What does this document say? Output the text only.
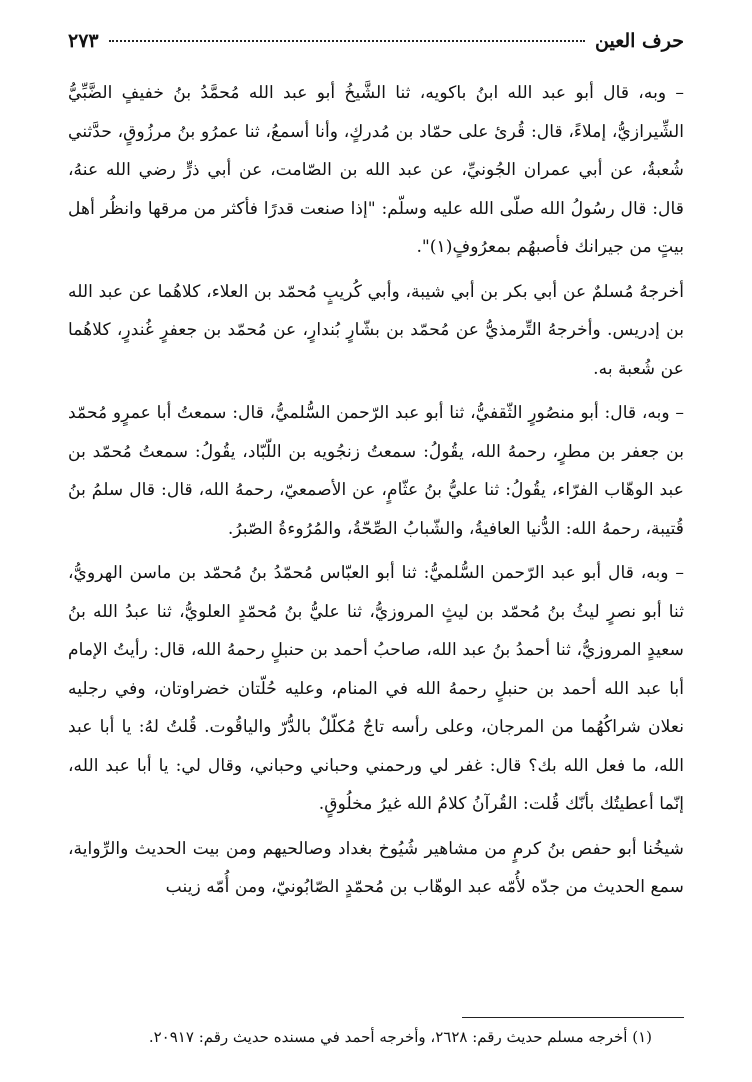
حرف العين
٢٧٣

– وبه، قال أبو عبد الله ابنُ باكويه، ثنا الشَّيخُ أبو عبد الله مُحمَّدُ بنُ خفيفٍ الضَّبِّيُّ الشِّيرازيُّ، إملاءً، قال: قُرئ على حمّاد بن مُدركٍ، وأنا أسمعُ، ثنا عمرُو بنُ مرزُوقٍ، حدَّثني شُعبةُ، عن أبي عمران الجُونيِّ، عن عبد الله بن الصّامت، عن أبي ذرٍّ رضي الله عنهُ، قال: قال رسُولُ الله صلّى الله عليه وسلّم: "إذا صنعت قدرًا فأكثر من مرقها وانظُر أهل بيتٍ من جيرانك فأصبهُم بمعرُوفٍ(١)".

أخرجهُ مُسلمٌ عن أبي بكر بن أبي شيبة، وأبي كُريبٍ مُحمّد بن العلاء، كلاهُما عن عبد الله بن إدريس. وأخرجهُ التِّرمذيُّ عن مُحمّد بن بشّارٍ بُندارٍ، عن مُحمّد بن جعفرٍ غُندرٍ، كلاهُما عن شُعبة به.

– وبه، قال: أبو منصُورٍ الثّقفيُّ، ثنا أبو عبد الرّحمن السُّلميُّ، قال: سمعتُ أبا عمرٍو مُحمّد بن جعفر بن مطرٍ، رحمهُ الله، يقُولُ: سمعتُ زنجُويه بن اللّبّاد، يقُولُ: سمعتُ مُحمّد بن عبد الوهّاب الفرّاء، يقُولُ: ثنا عليُّ بنُ عثّامٍ، عن الأصمعيّ، رحمهُ الله، قال: قال سلمُ بنُ قُتيبة، رحمهُ الله: الدُّنيا العافيةُ، والشّبابُ الصِّحّةُ، والمُرُوءةُ الصّبرُ.

– وبه، قال أبو عبد الرّحمن السُّلميُّ: ثنا أبو العبّاس مُحمّدُ بنُ مُحمّد بن ماسن الهرويُّ، ثنا أبو نصرٍ ليثُ بنُ مُحمّد بن ليثٍ المروزيُّ، ثنا عليُّ بنُ مُحمّدٍ العلويُّ، ثنا عبدُ الله بنُ سعيدٍ المروزيُّ، ثنا أحمدُ بنُ عبد الله، صاحبُ أحمد بن حنبلٍ رحمهُ الله، قال: رأيتُ الإمام أبا عبد الله أحمد بن حنبلٍ رحمهُ الله في المنام، وعليه حُلّتان خضراوتان، وفي رجليه نعلان شراكُهُما من المرجان، وعلى رأسه تاجٌ مُكلّلٌ بالدُّرّ والياقُوت. قُلتُ لهُ: يا أبا عبد الله، ما فعل الله بك؟ قال: غفر لي ورحمني وحباني وحباني، وقال لي: يا أبا عبد الله، إنّما أعطيتُك بأنّك قُلت: القُرآنُ كلامُ الله غيرُ مخلُوقٍ.

شيخُنا أبو حفص بنُ كرمٍ من مشاهير شُيُوخ بغداد وصالحيهم ومن بيت الحديث والرِّواية، سمع الحديث من جدّه لأُمّه عبد الوهّاب بن مُحمّدٍ الصّابُونيّ، ومن أُمّه زينب

(١) أخرجه مسلم حديث رقم: ٢٦٢٨، وأخرجه أحمد في مسنده حديث رقم: ٢٠٩١٧.
